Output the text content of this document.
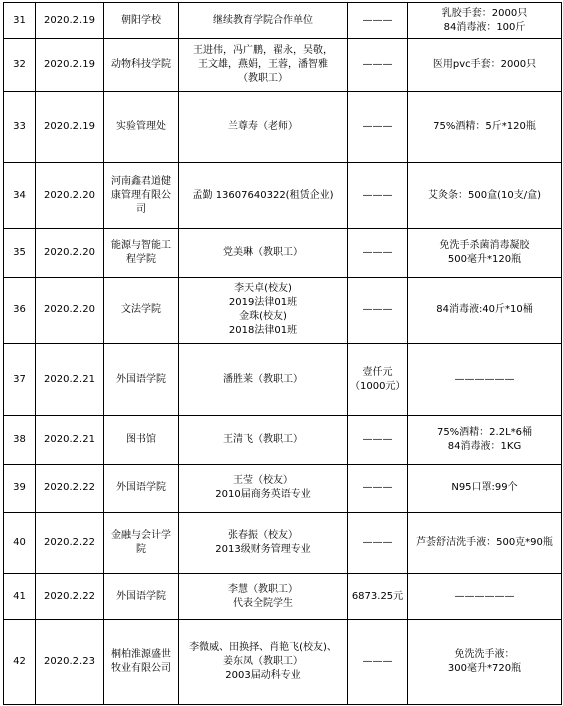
31	2020.2.19	朝阳学校	继续教育学院合作单位	———	乳胶手套：2000只
84消毒液：100斤

32	2020.2.19	动物科技学院	王进伟，冯广鹏，翟永，吴敬，
王文雄，燕娟，王蓉，潘智雅
（教职工）	———	医用pvc手套：2000只

33	2020.2.19	实验管理处	兰尊寿（老师）	———	75%酒精：5斤*120瓶

34	2020.2.20	河南鑫君道健
康管理有限公
司	孟勤 13607640322(租赁企业)	———	艾灸条：500盒(10支/盒)

35	2020.2.20	能源与智能工
程学院	党美琳（教职工）	———	免洗手杀菌消毒凝胶
500毫升*120瓶

36	2020.2.20	文法学院	李天卓(校友)
2019法律01班
金珠(校友)
2018法律01班	———	84消毒液:40斤*10桶

37	2020.2.21	外国语学院	潘胜莱（教职工）	壹仟元
（1000元）	——————

38	2020.2.21	图书馆	王清飞（教职工）	———	75%酒精：2.2L*6桶
84消毒液：1KG

39	2020.2.22	外国语学院	王莹（校友）
2010届商务英语专业	———	N95口罩:99个

40	2020.2.22	金融与会计学
院	张春振（校友）
2013级财务管理专业	———	芦荟舒洁洗手液：500克*90瓶

41	2020.2.22	外国语学院	李慧（教职工）
代表全院学生	6873.25元	——————

42	2020.2.23	桐柏淮源盛世
牧业有限公司	李微威、田换择、肖艳飞(校友)、
姜东凤（教职工）
2003届动科专业	———	免洗洗手液：
300毫升*720瓶
